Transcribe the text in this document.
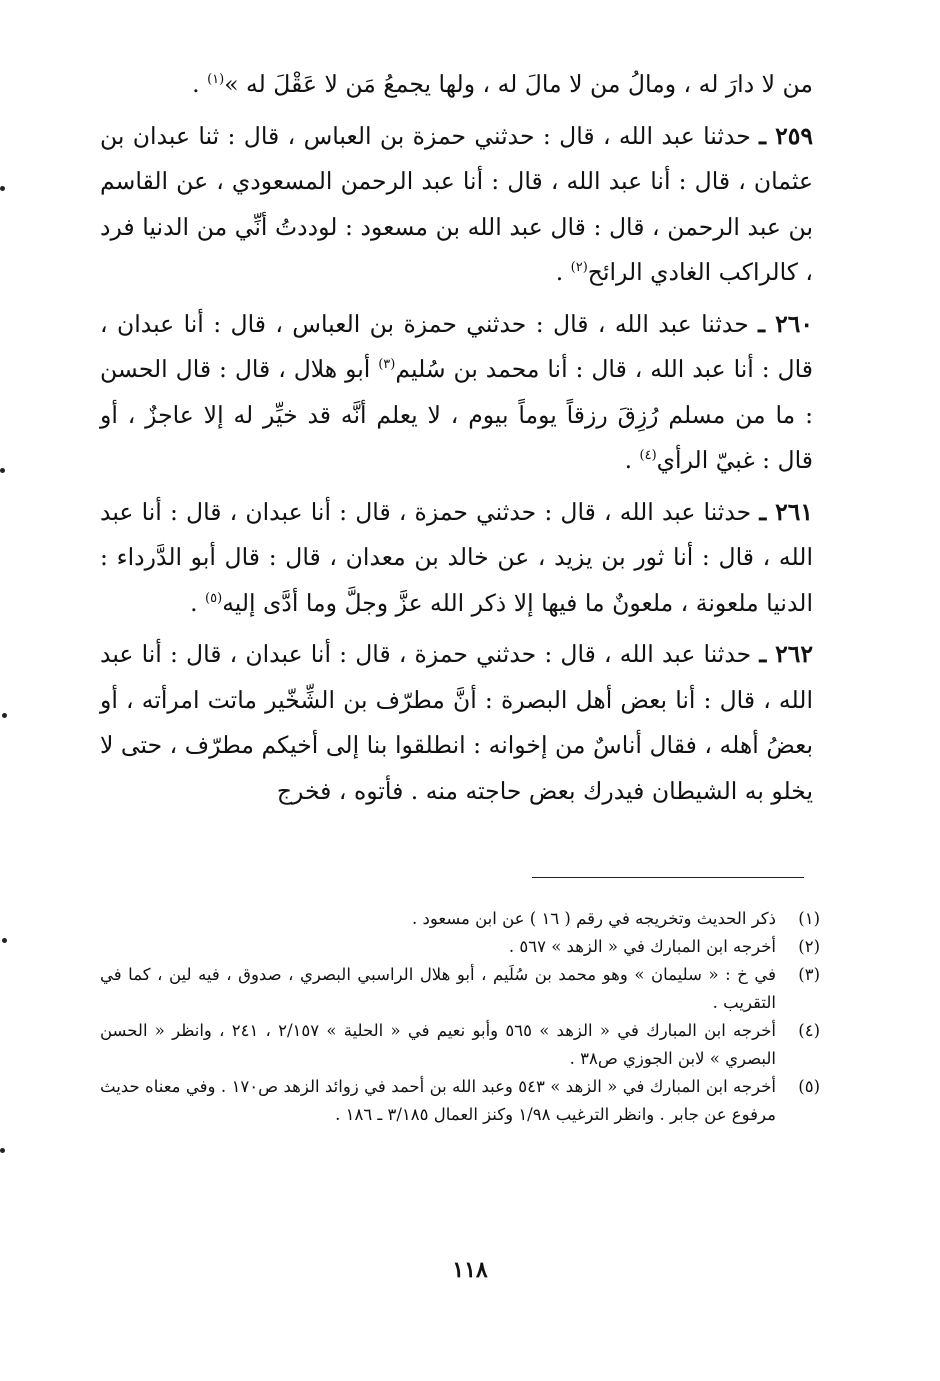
من لا دارَ له ، ومالُ من لا مالَ له ، ولها يجمعُ مَن لا عَقْلَ له »$^{(١)}$ .

٢٥٩ ـ حدثنا عبد الله ، قال : حدثني حمزة بن العباس ، قال : ثنا عبدان بن عثمان ، قال : أنا عبد الله ، قال : أنا عبد الرحمن المسعودي ، عن القاسم بن عبد الرحمن ، قال : قال عبد الله بن مسعود : لوددتُ أنِّي من الدنيا فرد ، كالراكب الغادي الرائح$^{(٢)}$ .

٢٦٠ ـ حدثنا عبد الله ، قال : حدثني حمزة بن العباس ، قال : أنا عبدان ، قال : أنا عبد الله ، قال : أنا محمد بن سُليم$^{(٣)}$ أبو هلال ، قال : قال الحسن : ما من مسلم رُزِقَ رزقاً يوماً بيوم ، لا يعلم أنَّه قد خيِّر له إلا عاجزٌ ، أو قال : غبيّ الرأي$^{(٤)}$ .

٢٦١ ـ حدثنا عبد الله ، قال : حدثني حمزة ، قال : أنا عبدان ، قال : أنا عبد الله ، قال : أنا ثور بن يزيد ، عن خالد بن معدان ، قال : قال أبو الدَّرداء : الدنيا ملعونة ، ملعونٌ ما فيها إلا ذكر الله عزَّ وجلَّ وما أدَّى إليه$^{(٥)}$ .

٢٦٢ ـ حدثنا عبد الله ، قال : حدثني حمزة ، قال : أنا عبدان ، قال : أنا عبد الله ، قال : أنا بعض أهل البصرة : أنَّ مطرّف بن الشِّخّير ماتت امرأته ، أو بعضُ أهله ، فقال أناسٌ من إخوانه : انطلقوا بنا إلى أخيكم مطرّف ، حتى لا يخلو به الشيطان فيدرك بعض حاجته منه . فأتوه ، فخرج

(١)
ذكر الحديث وتخريجه في رقم ( ١٦ ) عن ابن مسعود .
(٢)
أخرجه ابن المبارك في « الزهد » ٥٦٧ .
(٣)
في خ : « سليمان » وهو محمد بن سُلَيم ، أبو هلال الراسبي البصري ، صدوق ، فيه لين ، كما في التقريب .
(٤)
أخرجه ابن المبارك في « الزهد » ٥٦٥ وأبو نعيم في « الحلية » ٢/١٥٧ ، ٢٤١ ، وانظر « الحسن البصري » لابن الجوزي ص٣٨ .
(٥)
أخرجه ابن المبارك في « الزهد » ٥٤٣ وعبد الله بن أحمد في زوائد الزهد ص١٧٠ . وفي معناه حديث مرفوع عن جابر . وانظر الترغيب ١/٩٨ وكنز العمال ٣/١٨٥ ـ ١٨٦ .
١١٨
